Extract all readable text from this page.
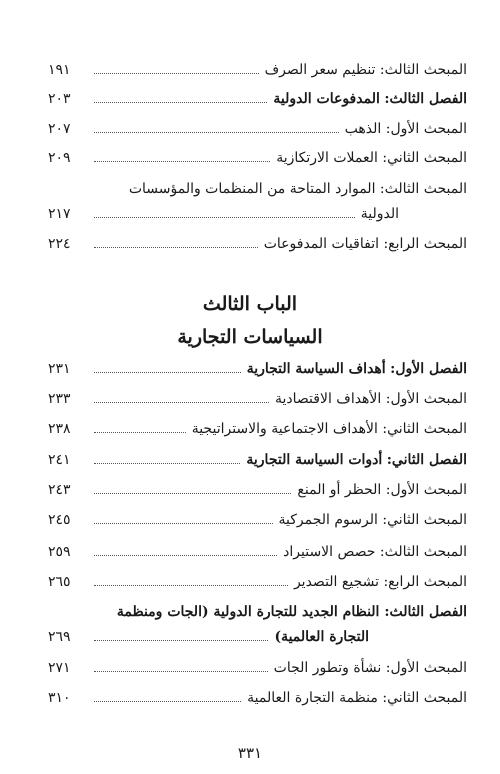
المبحث الثالث: تنظيم سعر الصرف
١٩١
الفصل الثالث: المدفوعات الدولية
٢٠٣
المبحث الأول: الذهب
٢٠٧
المبحث الثاني: العملات الارتكازية
٢٠٩
المبحث الثالث: الموارد المتاحة من المنظمات والمؤسسات
الدولية
٢١٧
المبحث الرابع: اتفاقيات المدفوعات
٢٢٤
الباب الثالث
السياسات التجارية
الفصل الأول: أهداف السياسة التجارية
٢٣١
المبحث الأول: الأهداف الاقتصادية
٢٣٣
المبحث الثاني: الأهداف الاجتماعية والاستراتيجية
٢٣٨
الفصل الثاني: أدوات السياسة التجارية
٢٤١
المبحث الأول: الحظر أو المنع
٢٤٣
المبحث الثاني: الرسوم الجمركية
٢٤٥
المبحث الثالث: حصص الاستيراد
٢٥٩
المبحث الرابع: تشجيع التصدير
٢٦٥
الفصل الثالث: النظام الجديد للتجارة الدولية (الجات ومنظمة
التجارة العالمية)
٢٦٩
المبحث الأول: نشأة وتطور الجات
٢٧١
المبحث الثاني: منظمة التجارة العالمية
٣١٠
٣٣١
